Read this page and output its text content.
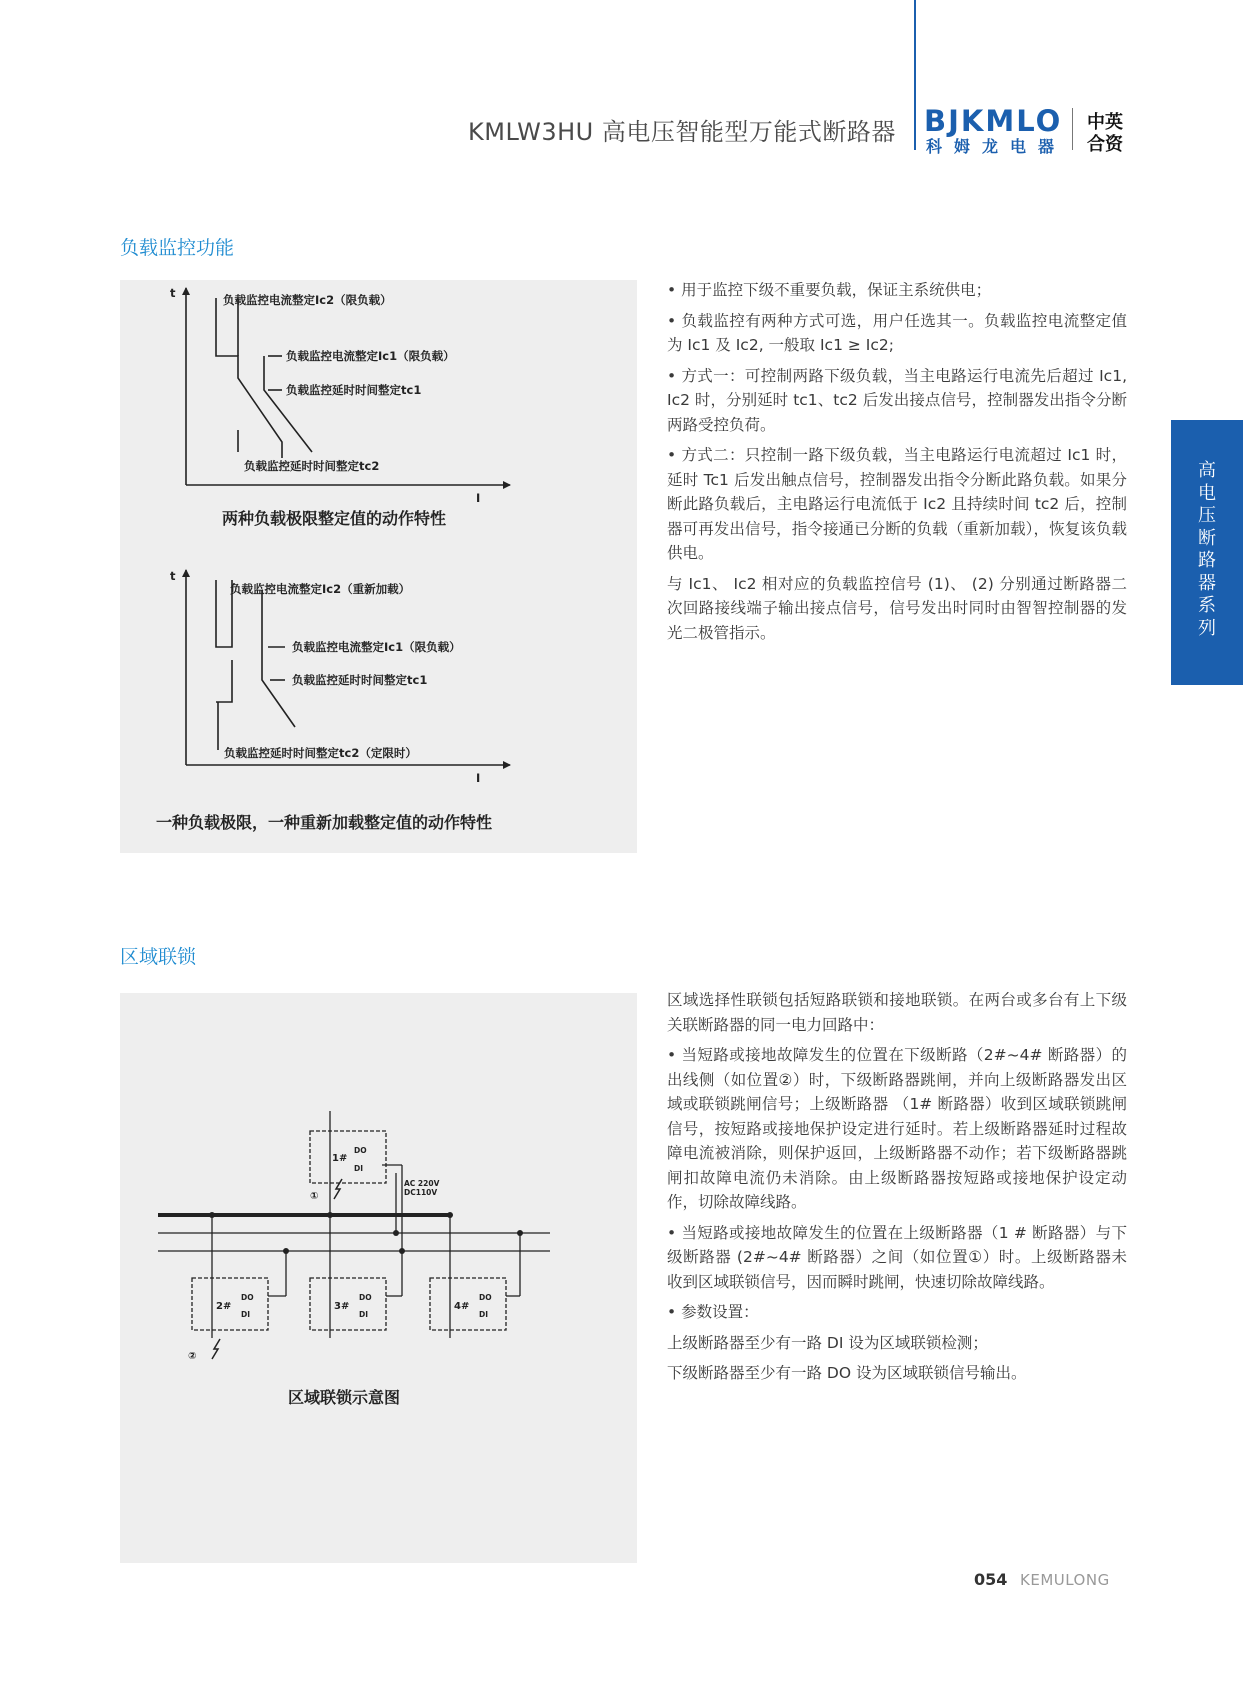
KMLW3HU 高电压智能型万能式断路器 BJKMLO
科姆龙电器
中英
合资
高
电
压
断
路
器
系
列
负载监控功能
t
I
负载监控电流整定Ic2（限负载）
负载监控电流整定Ic1（限负载）
负载监控延时时间整定tc1
负载监控延时时间整定tc2
t
I
负载监控电流整定Ic2（重新加载）
负载监控电流整定Ic1（限负载）
负载监控延时时间整定tc1
负载监控延时时间整定tc2（定限时）
两种负载极限整定值的动作特性
一种负载极限，一种重新加载整定值的动作特性

• 用于监控下级不重要负载，保证主系统供电；

• 负载监控有两种方式可选，用户任选其一。负载监控电流整定值为 Ic1 及 Ic2, 一般取 Ic1 ≥ Ic2;

• 方式一：可控制两路下级负载，当主电路运行电流先后超过 Ic1, Ic2 时，分别延时 tc1、tc2 后发出接点信号，控制器发出指令分断两路受控负荷。

• 方式二：只控制一路下级负载，当主电路运行电流超过 Ic1 时，延时 Tc1 后发出触点信号，控制器发出指令分断此路负载。如果分断此路负载后，主电路运行电流低于 Ic2 且持续时间 tc2 后，控制器可再发出信号，指令接通已分断的负载（重新加载），恢复该负载供电。

与 Ic1、 Ic2 相对应的负载监控信号 (1)、 (2) 分别通过断路器二次回路接线端子输出接点信号，信号发出时同时由智智控制器的发光二极管指示。

区域联锁
1#
DO
DI
AC 220V
DC110V
2#
DO
DI
3#
DO
DI
4#
DO
DI
①
②
区域联锁示意图

区域选择性联锁包括短路联锁和接地联锁。在两台或多台有上下级关联断路器的同一电力回路中：

• 当短路或接地故障发生的位置在下级断路（2#~4# 断路器）的出线侧（如位置②）时，下级断路器跳闸，并向上级断路器发出区域或联锁跳闸信号；上级断路器 （1# 断路器）收到区域联锁跳闸信号，按短路或接地保护设定进行延时。若上级断路器延时过程故障电流被消除，则保护返回，上级断路器不动作；若下级断路器跳闸扣故障电流仍未消除。由上级断路器按短路或接地保护设定动作，切除故障线路。

• 当短路或接地故障发生的位置在上级断路器（1 # 断路器）与下级断路器 (2#~4# 断路器）之间（如位置①）时。上级断路器未收到区域联锁信号，因而瞬时跳闸，快速切除故障线路。

• 参数设置：

上级断路器至少有一路 DI 设为区域联锁检测；

下级断路器至少有一路 DO 设为区域联锁信号输出。

054 KEMULONG
